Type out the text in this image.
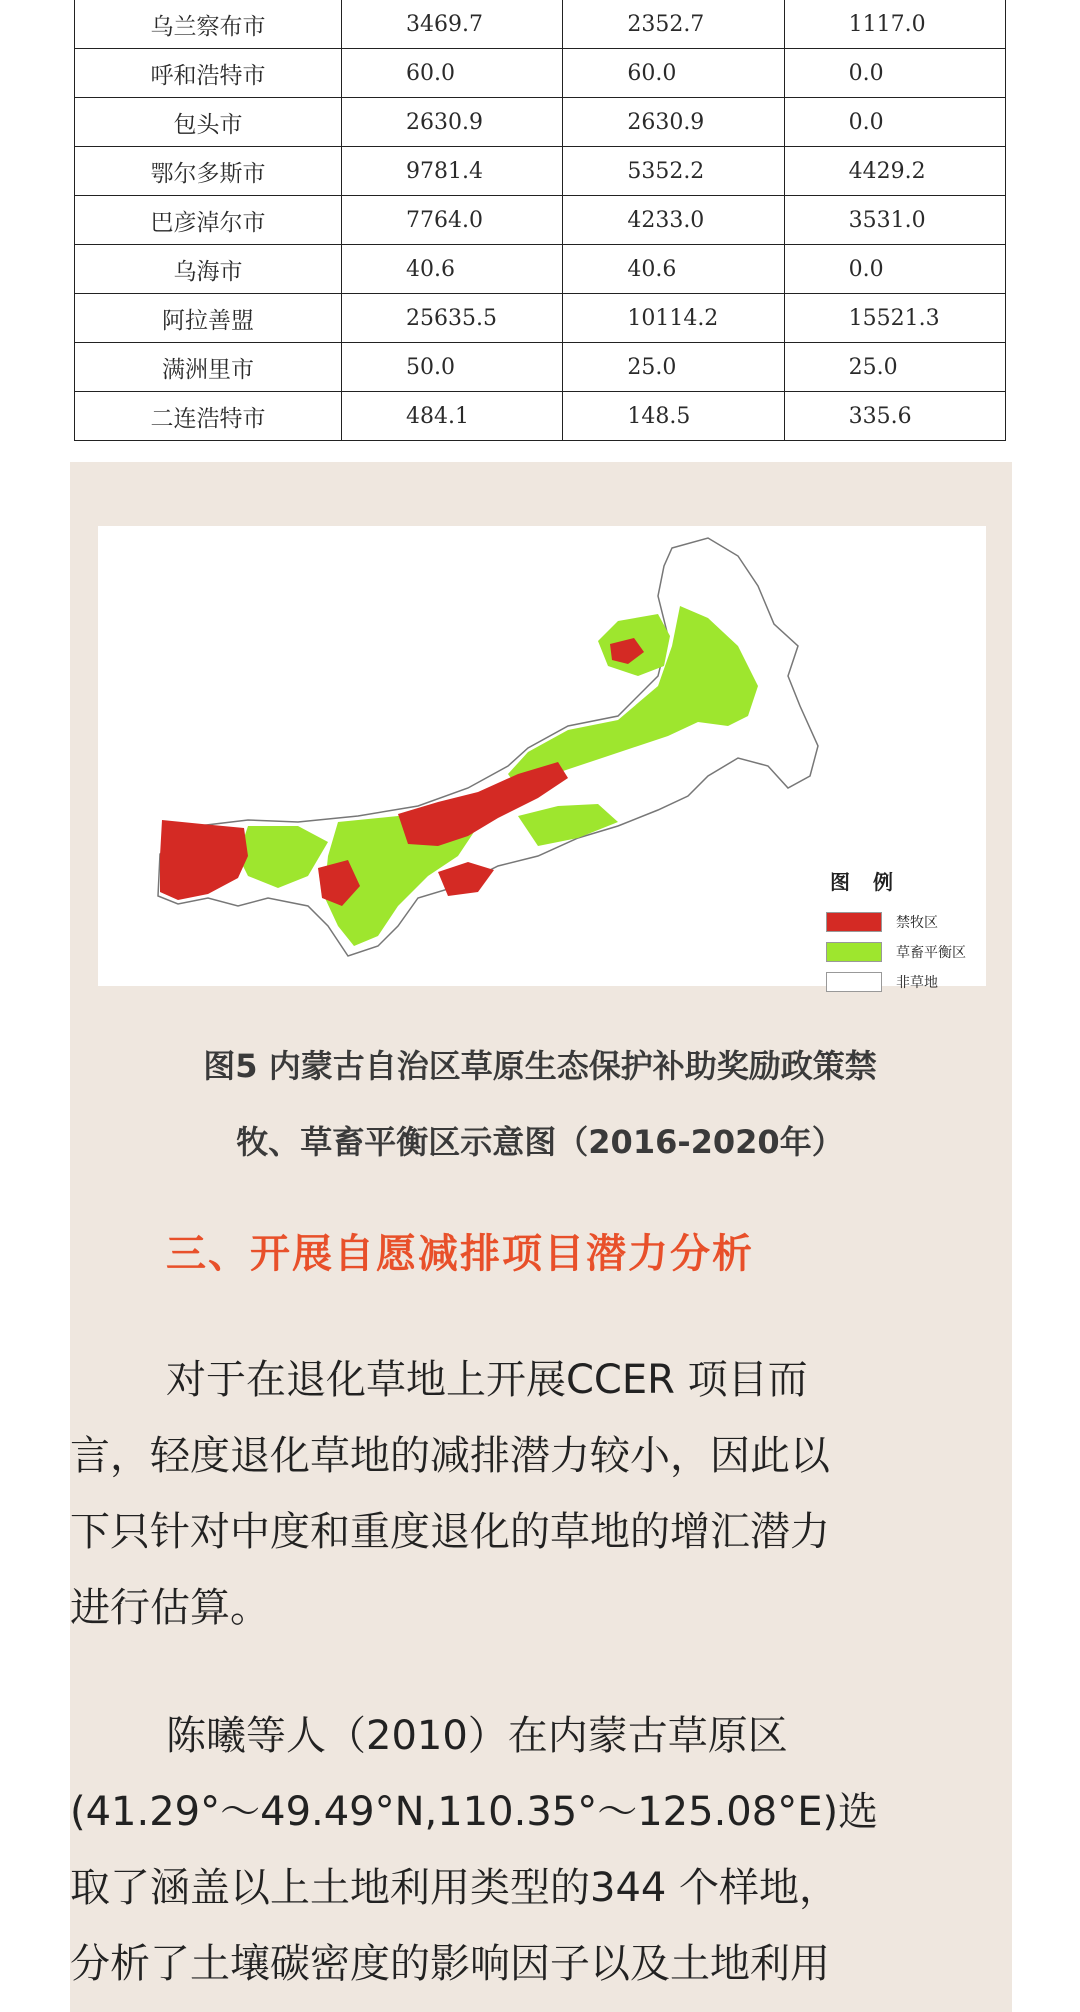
乌兰察布市	3469.7	2352.7	1117.0
呼和浩特市	60.0	60.0	0.0
包头市	2630.9	2630.9	0.0
鄂尔多斯市	9781.4	5352.2	4429.2
巴彦淖尔市	7764.0	4233.0	3531.0
乌海市	40.6	40.6	0.0
阿拉善盟	25635.5	10114.2	15521.3
满洲里市	50.0	25.0	25.0
二连浩特市	484.1	148.5	335.6
图 例
禁牧区
草畜平衡区
非草地
图5 内蒙古自治区草原生态保护补助奖励政策禁
牧、草畜平衡区示意图（2016-2020年）
三、开展自愿减排项目潜力分析

对于在退化草地上开展CCER 项目而
言，轻度退化草地的减排潜力较小，因此以
下只针对中度和重度退化的草地的增汇潜力
进行估算。

陈曦等人（2010）在内蒙古草原区
(41.29°～49.49°N,110.35°～125.08°E)选
取了涵盖以上土地利用类型的344 个样地，
分析了土壤碳密度的影响因子以及土地利用
